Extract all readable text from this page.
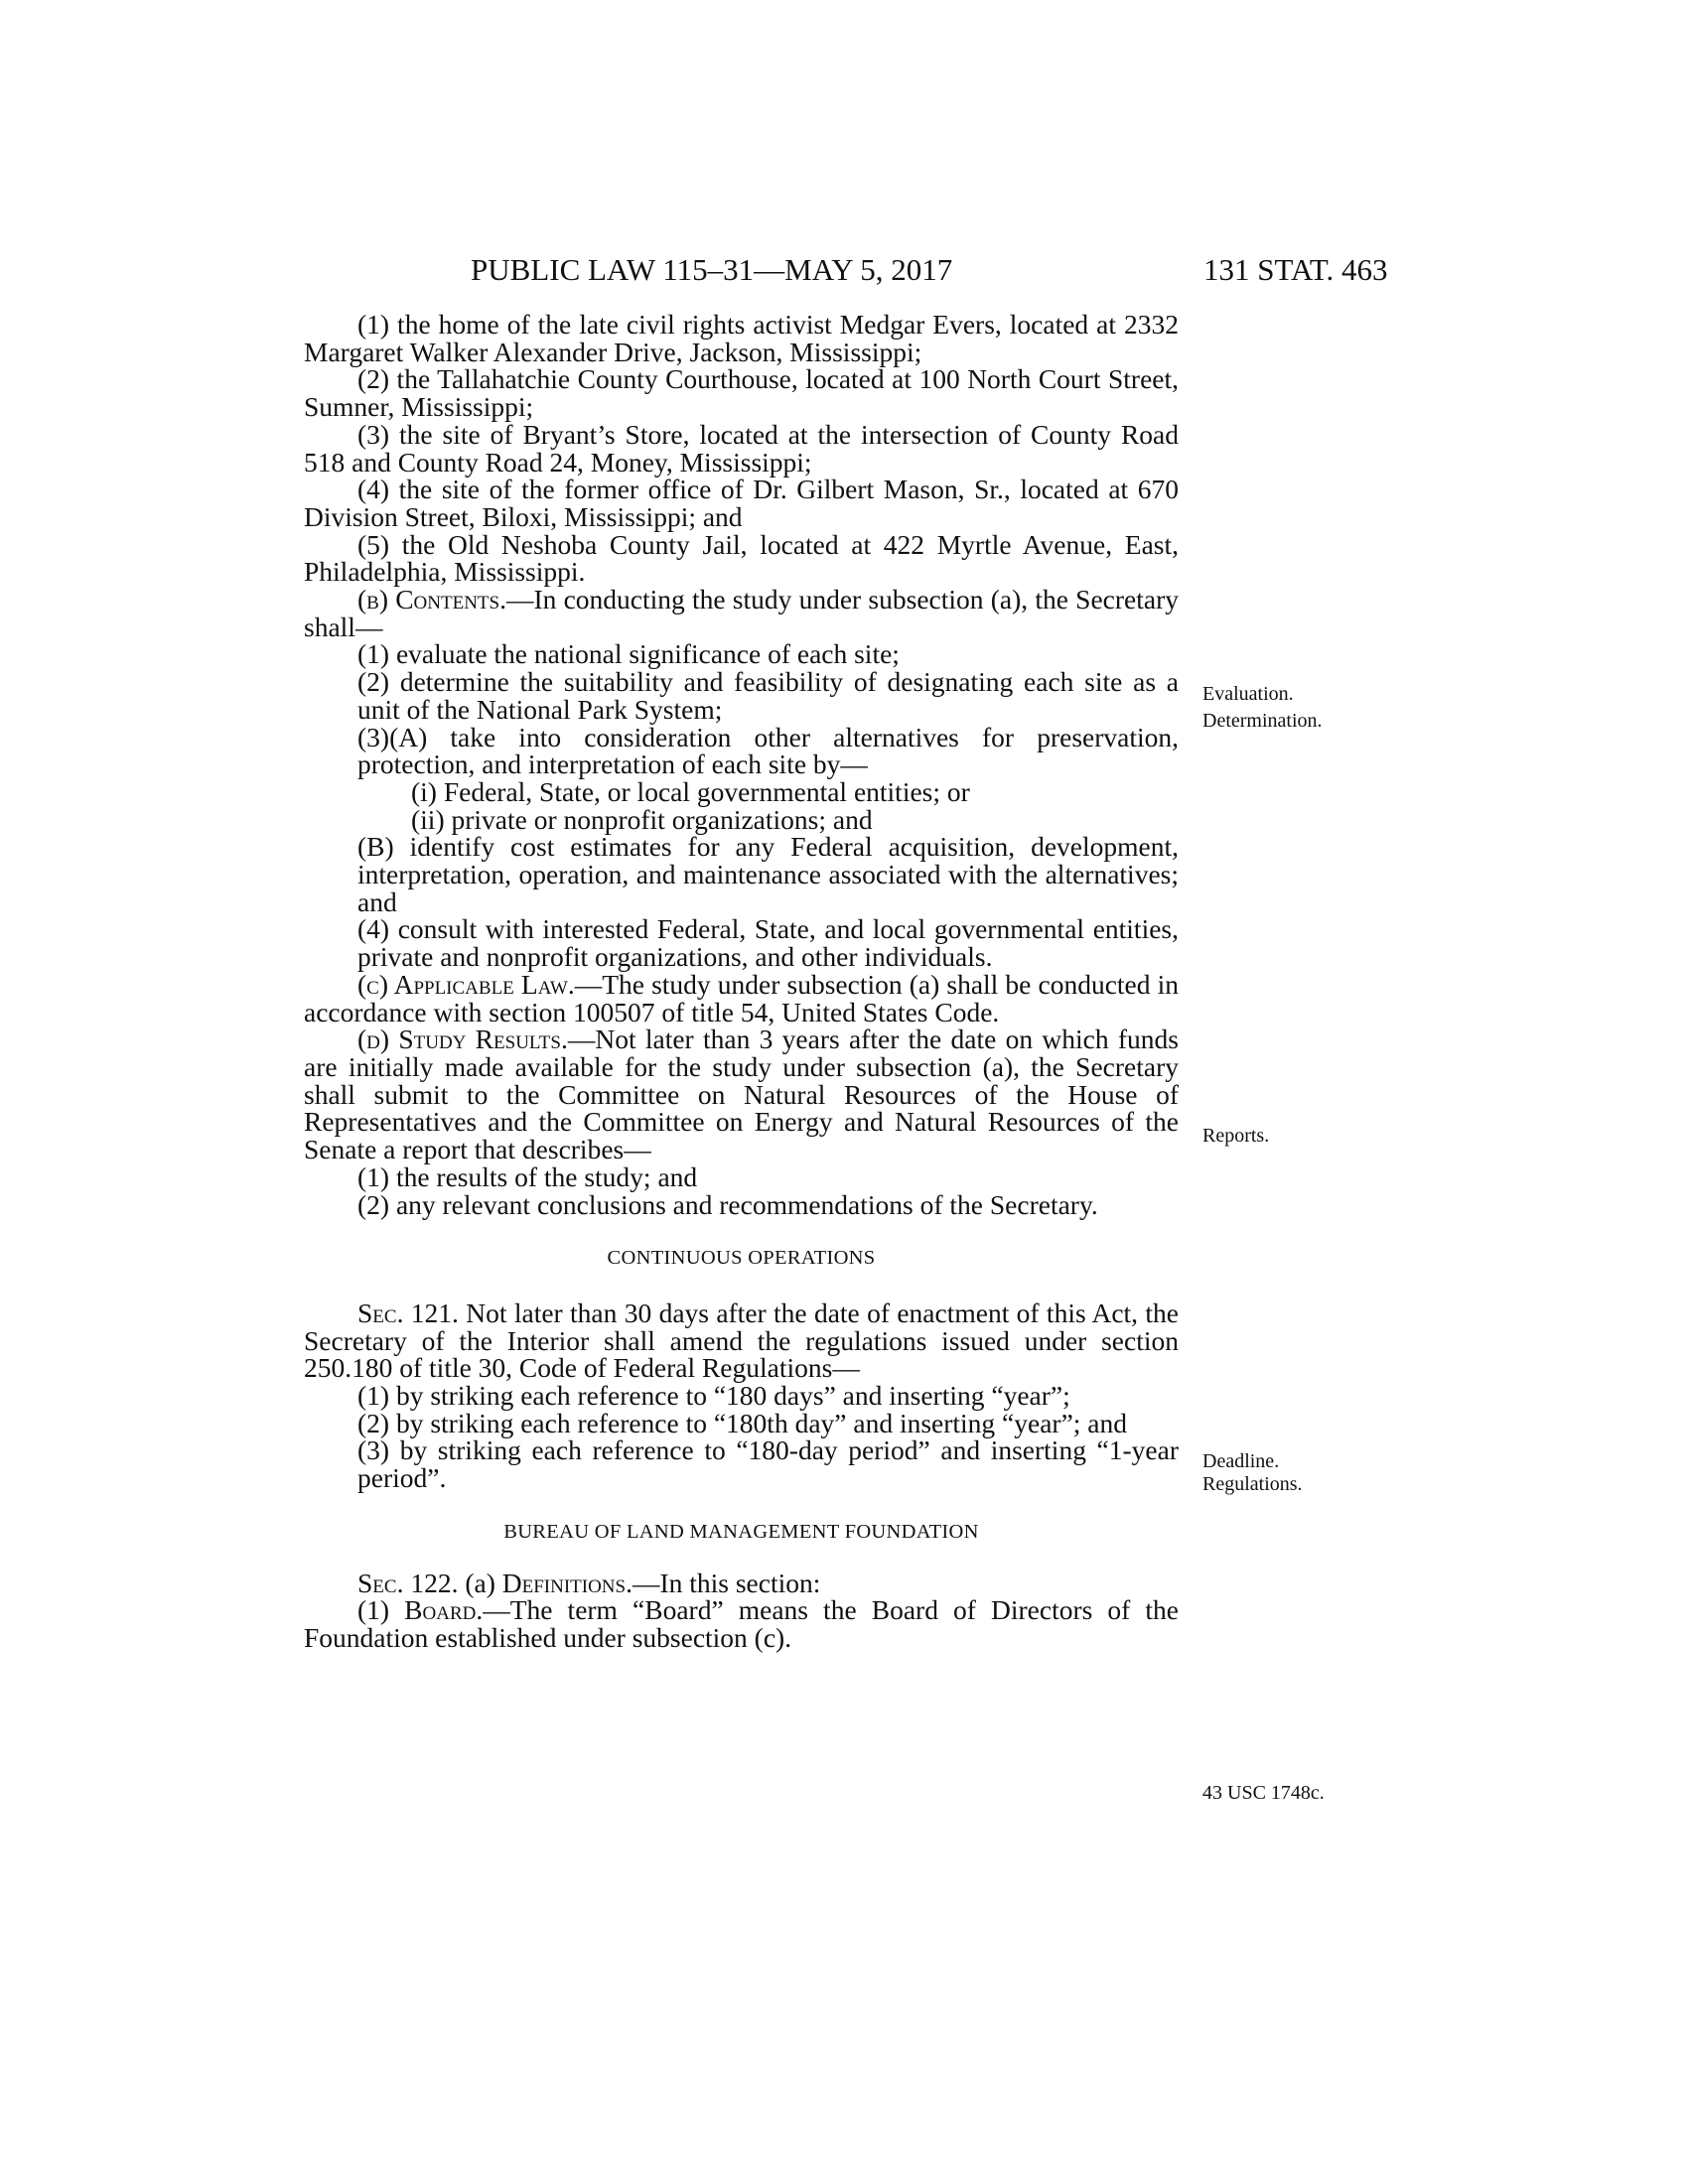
PUBLIC LAW 115–31—MAY 5, 2017	131 STAT. 463

(1) the home of the late civil rights activist Medgar Evers, located at 2332 Margaret Walker Alexander Drive, Jackson, Mississippi;

(2) the Tallahatchie County Courthouse, located at 100 North Court Street, Sumner, Mississippi;

(3) the site of Bryant’s Store, located at the intersection of County Road 518 and County Road 24, Money, Mississippi;

(4) the site of the former office of Dr. Gilbert Mason, Sr., located at 670 Division Street, Biloxi, Mississippi; and

(5) the Old Neshoba County Jail, located at 422 Myrtle Avenue, East, Philadelphia, Mississippi.

(b) Contents.—In conducting the study under subsection (a), the Secretary shall—

(1) evaluate the national significance of each site;

(2) determine the suitability and feasibility of designating each site as a unit of the National Park System;

(3)(A) take into consideration other alternatives for preservation, protection, and interpretation of each site by—

(i) Federal, State, or local governmental entities; or

(ii) private or nonprofit organizations; and

(B) identify cost estimates for any Federal acquisition, development, interpretation, operation, and maintenance associated with the alternatives; and

(4) consult with interested Federal, State, and local governmental entities, private and nonprofit organizations, and other individuals.

(c) Applicable Law.—The study under subsection (a) shall be conducted in accordance with section 100507 of title 54, United States Code.

(d) Study Results.—Not later than 3 years after the date on which funds are initially made available for the study under subsection (a), the Secretary shall submit to the Committee on Natural Resources of the House of Representatives and the Committee on Energy and Natural Resources of the Senate a report that describes—

(1) the results of the study; and

(2) any relevant conclusions and recommendations of the Secretary.

CONTINUOUS OPERATIONS

Sec. 121. Not later than 30 days after the date of enactment of this Act, the Secretary of the Interior shall amend the regulations issued under section 250.180 of title 30, Code of Federal Regulations—

(1) by striking each reference to “180 days” and inserting “year”;

(2) by striking each reference to “180th day” and inserting “year”; and

(3) by striking each reference to “180-day period” and inserting “1-year period”.

BUREAU OF LAND MANAGEMENT FOUNDATION

Sec. 122. (a) Definitions.—In this section:

(1) Board.—The term “Board” means the Board of Directors of the Foundation established under subsection (c).

Evaluation.
Determination.
Reports.
Deadline.
Regulations.
43 USC 1748c.
